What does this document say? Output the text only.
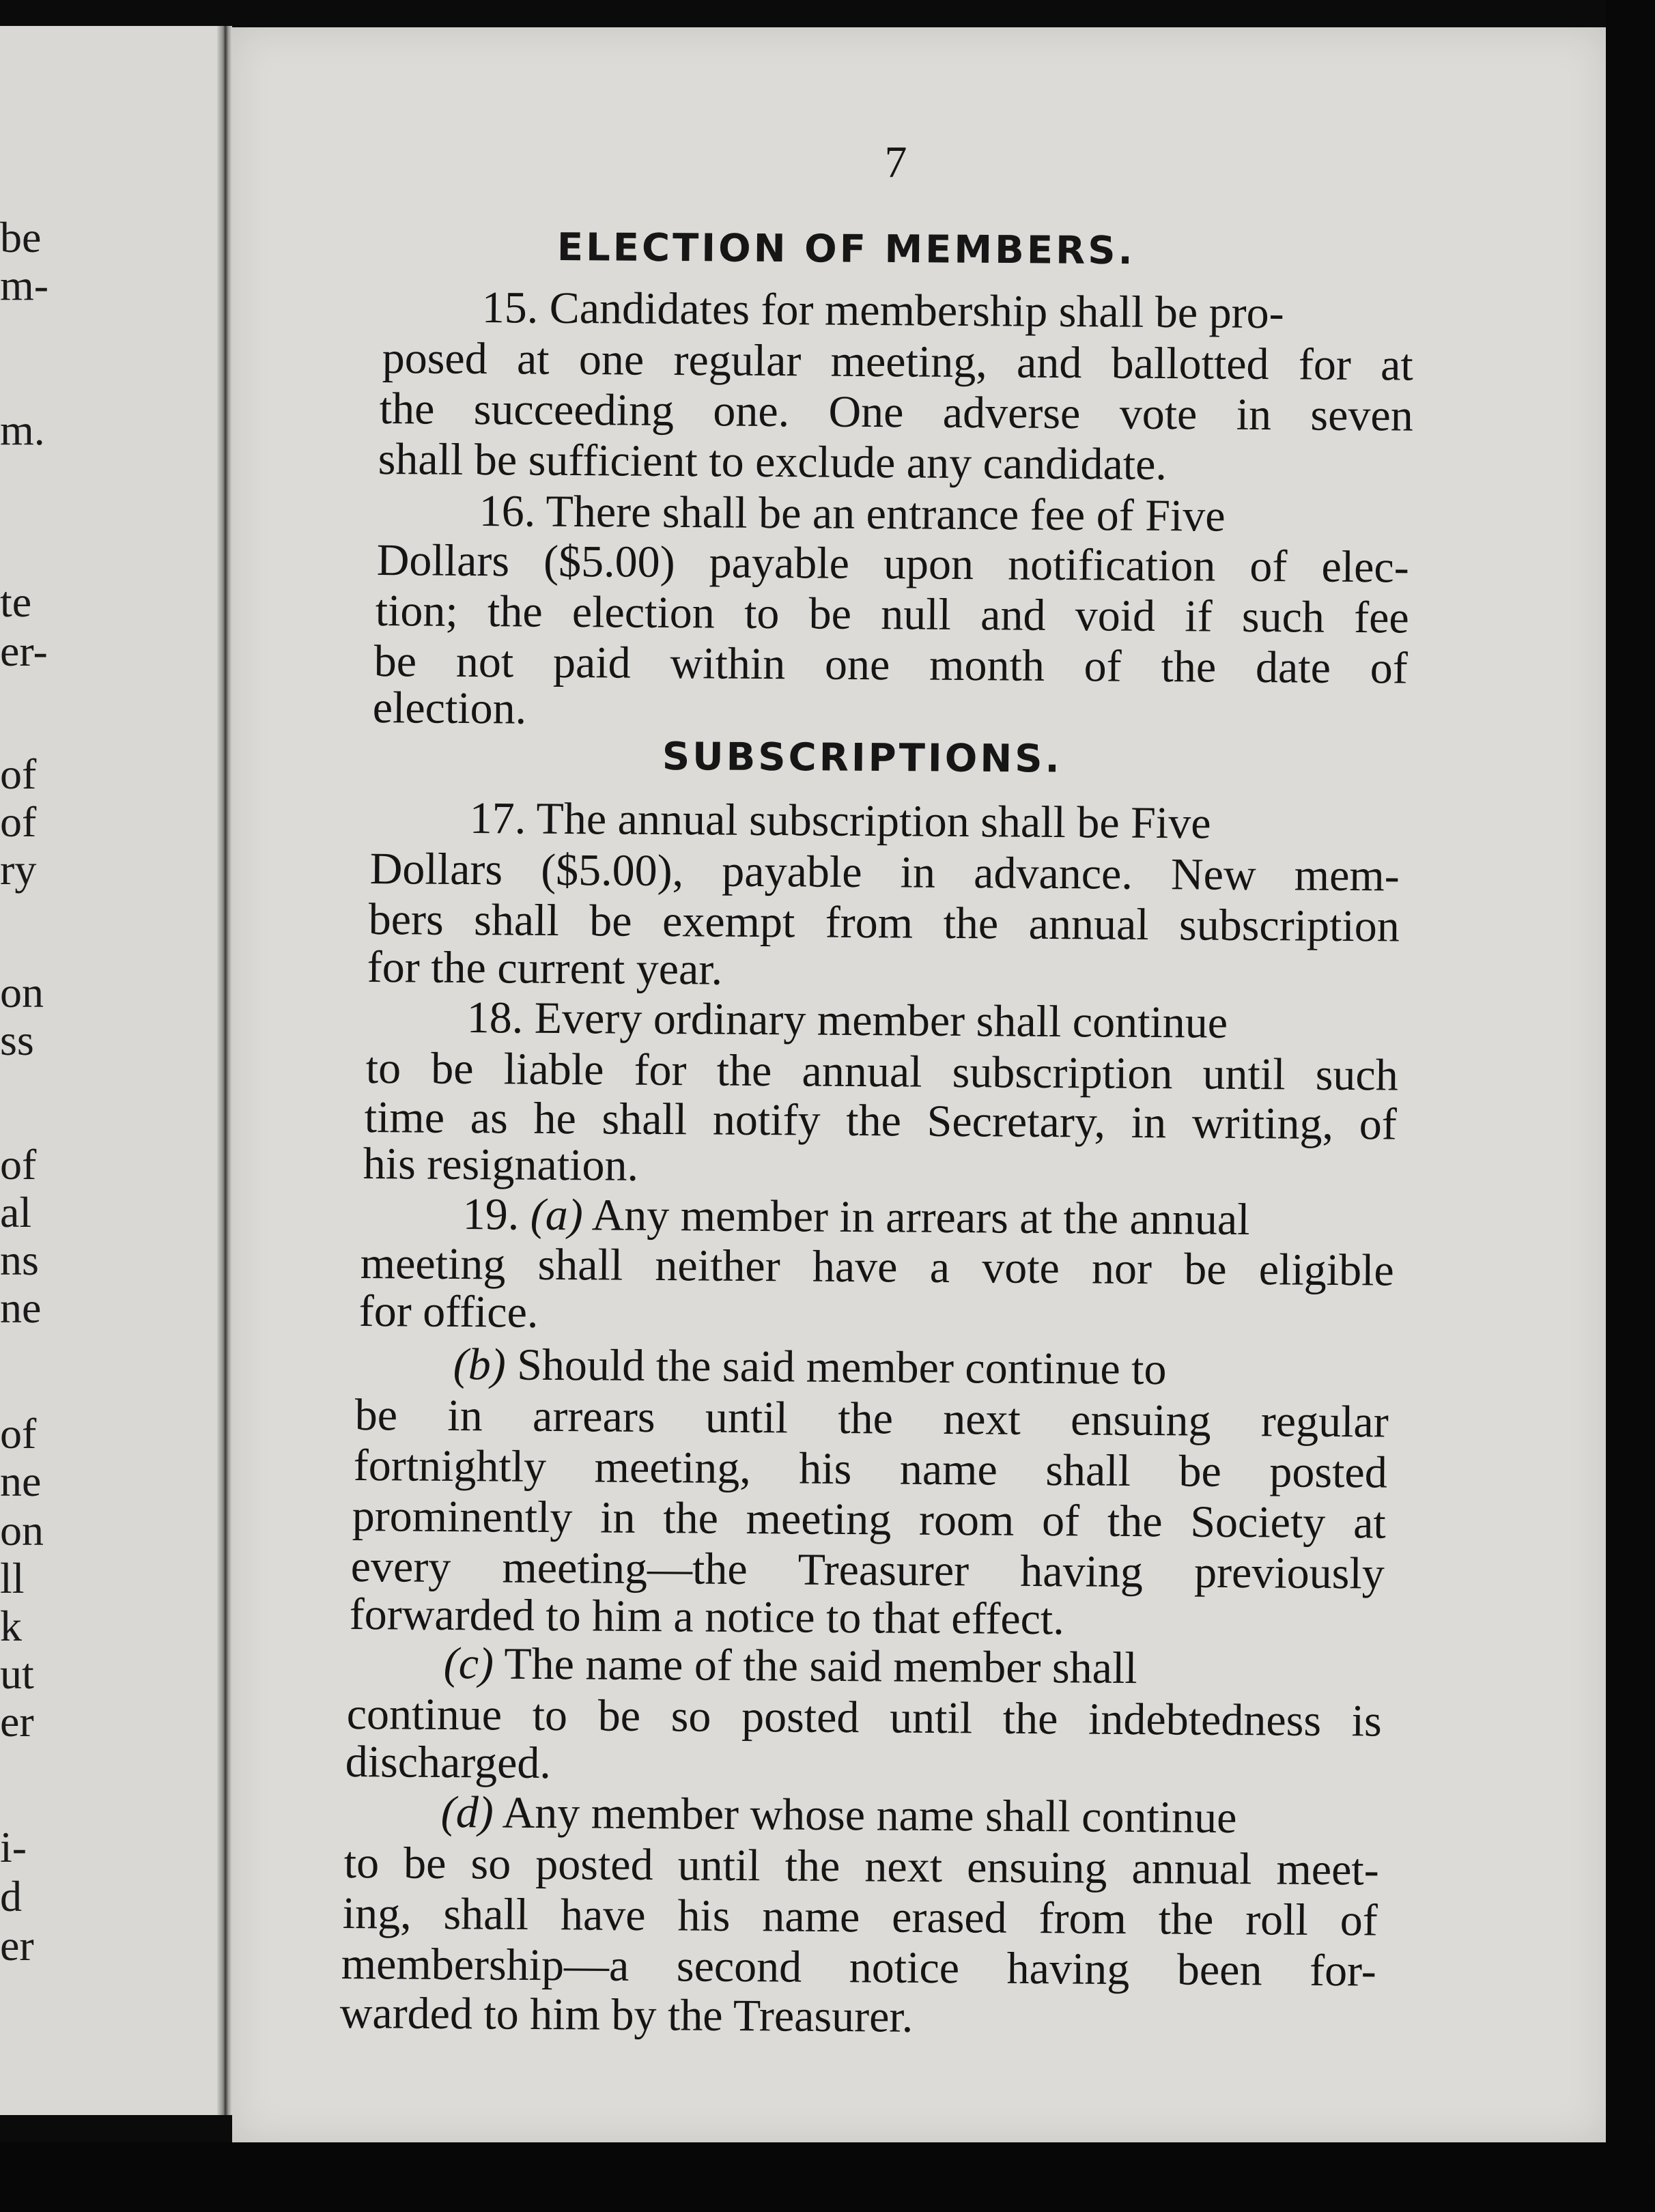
be
m-
m.
te
er-
of
of
ry
on
ss
of
al
ns
ne
of
ne
on
ll
k
ut
er
i-
d
er
7
ELECTION OF MEMBERS.
15. Candidates for membership shall be pro-
posed at one regular meeting, and ballotted for at
the succeeding one. One adverse vote in seven
shall be sufficient to exclude any candidate.
16. There shall be an entrance fee of Five
Dollars ($5.00) payable upon notification of elec-
tion; the election to be null and void if such fee
be not paid within one month of the date of
election.
SUBSCRIPTIONS.
17. The annual subscription shall be Five
Dollars ($5.00), payable in advance. New mem-
bers shall be exempt from the annual subscription
for the current year.
18. Every ordinary member shall continue
to be liable for the annual subscription until such
time as he shall notify the Secretary, in writing, of
his resignation.
19. (a) Any member in arrears at the annual
meeting shall neither have a vote nor be eligible
for office.
(b) Should the said member continue to
be in arrears until the next ensuing regular
fortnightly meeting, his name shall be posted
prominently in the meeting room of the Society at
every meeting—the Treasurer having previously
forwarded to him a notice to that effect.
(c) The name of the said member shall
continue to be so posted until the indebtedness is
discharged.
(d) Any member whose name shall continue
to be so posted until the next ensuing annual meet-
ing, shall have his name erased from the roll of
membership—a second notice having been for-
warded to him by the Treasurer.
